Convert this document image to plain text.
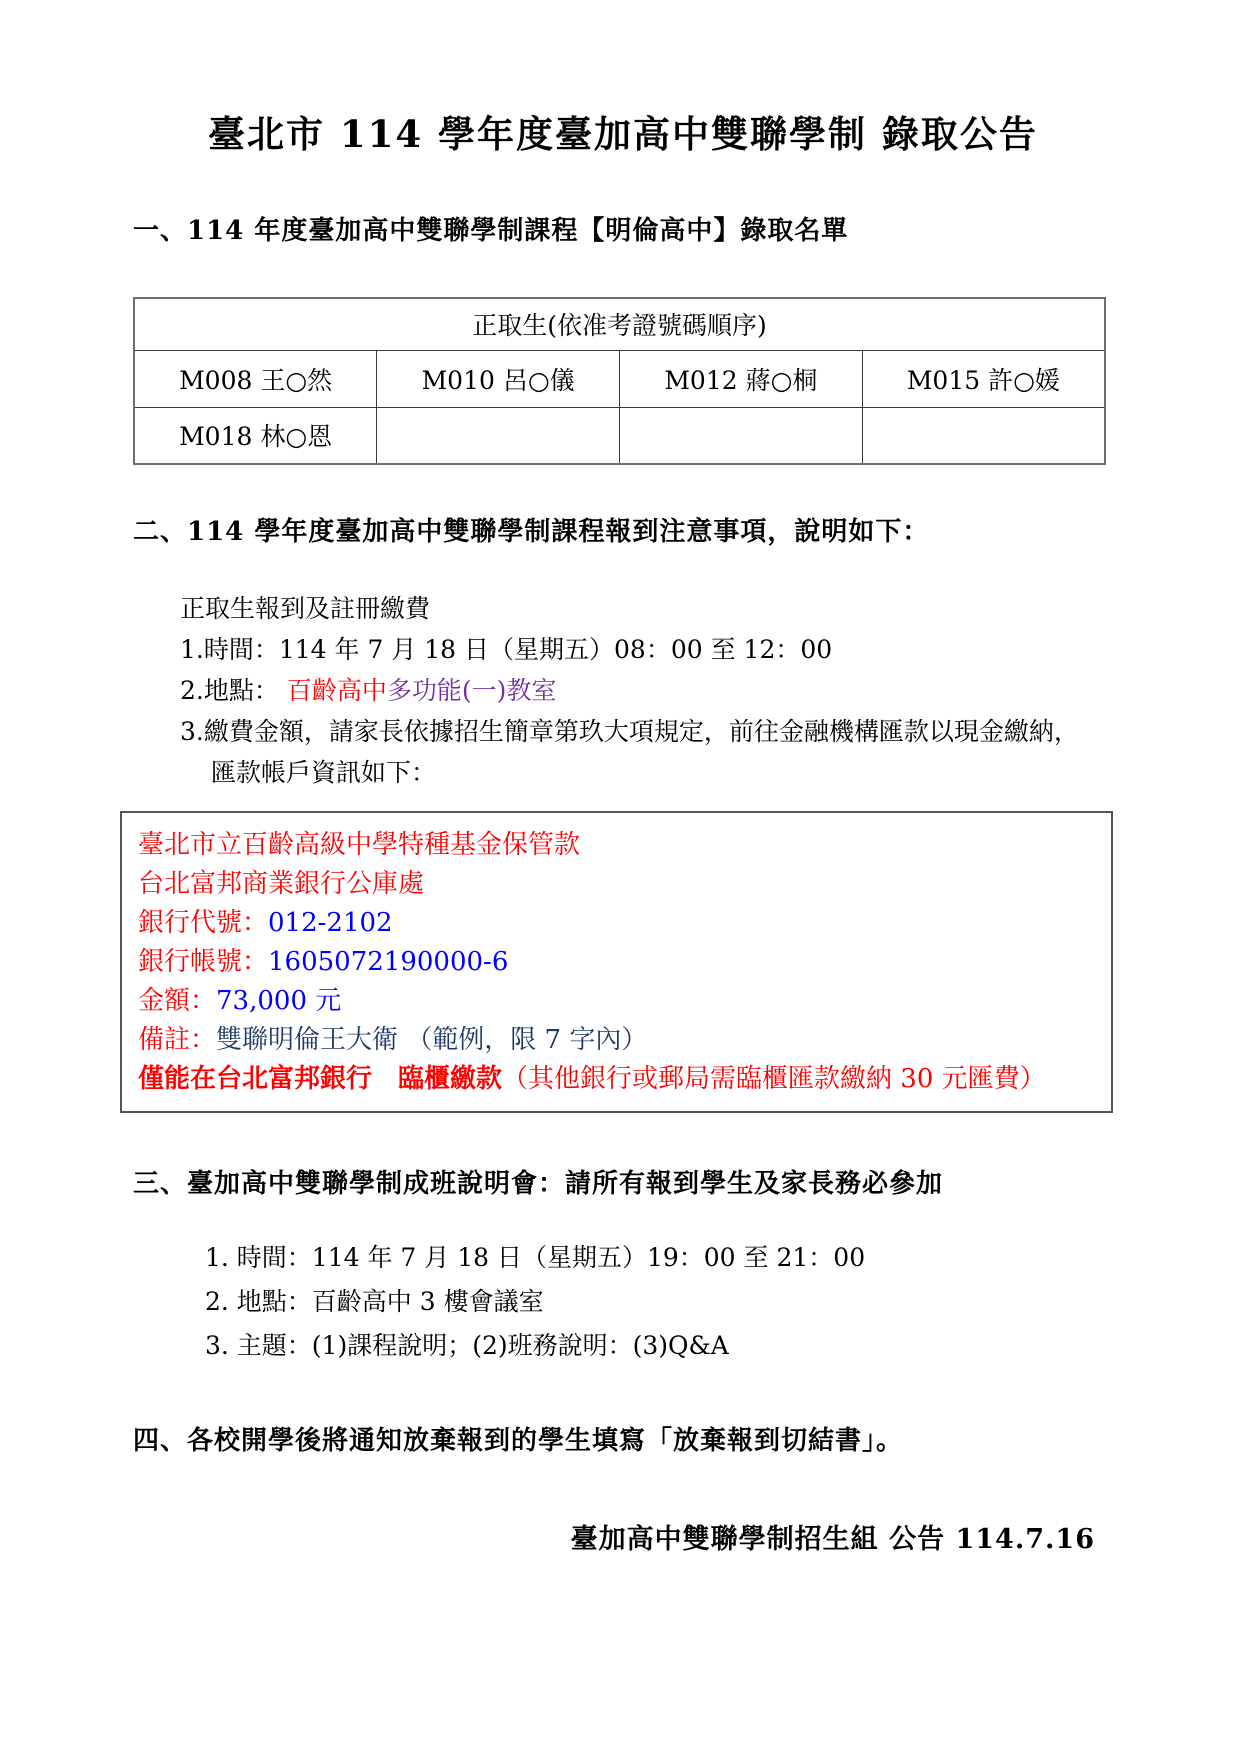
臺北市 114 學年度臺加高中雙聯學制 錄取公告
一、114 年度臺加高中雙聯學制課程【明倫高中】錄取名單
正取生(依准考證號碼順序)			
M008 王○然	M010 呂○儀	M012 蔣○桐	M015 許○媛
M018 林○恩			
二、114 學年度臺加高中雙聯學制課程報到注意事項，說明如下：
正取生報到及註冊繳費
1.時間：114 年 7 月 18 日（星期五）08：00 至 12：00
2.地點： 百齡高中多功能(一)教室
3.繳費金額，請家長依據招生簡章第玖大項規定，前往金融機構匯款以現金繳納，匯款帳戶資訊如下：
臺北市立百齡高級中學特種基金保管款
台北富邦商業銀行公庫處
銀行代號：012-2102
銀行帳號：1605072190000-6
金額：73,000 元
備註：雙聯明倫王大衛 （範例，限 7 字內）
僅能在台北富邦銀行　臨櫃繳款（其他銀行或郵局需臨櫃匯款繳納 30 元匯費）
三、臺加高中雙聯學制成班說明會：請所有報到學生及家長務必參加
1. 時間：114 年 7 月 18 日（星期五）19：00 至 21：00
2. 地點：百齡高中 3 樓會議室
3. 主題：(1)課程說明；(2)班務說明：(3)Q&A
四、各校開學後將通知放棄報到的學生填寫「放棄報到切結書」。
臺加高中雙聯學制招生組 公告 114.7.16
